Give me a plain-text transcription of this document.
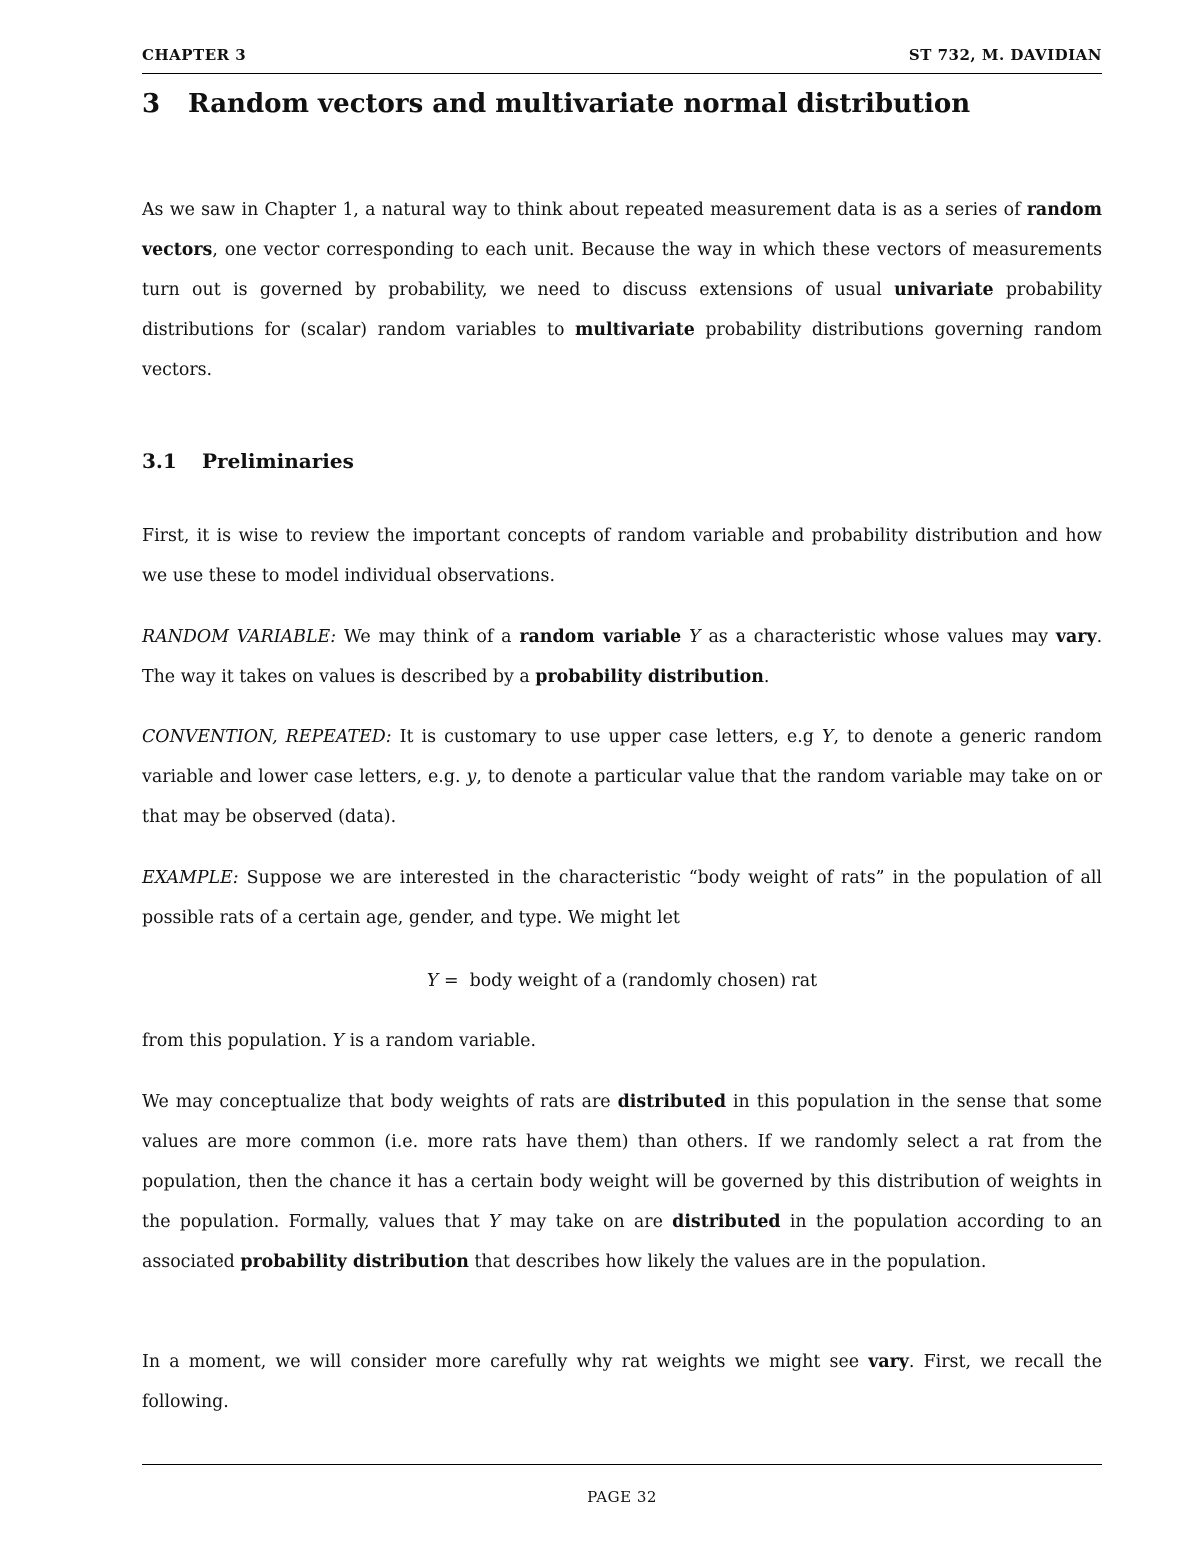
CHAPTER 3	ST 732, M. DAVIDIAN
3 Random vectors and multivariate normal distribution
As we saw in Chapter 1, a natural way to think about repeated measurement data is as a series of random vectors, one vector corresponding to each unit. Because the way in which these vectors of measurements turn out is governed by probability, we need to discuss extensions of usual univariate probability distributions for (scalar) random variables to multivariate probability distributions governing random vectors.
3.1 Preliminaries
First, it is wise to review the important concepts of random variable and probability distribution and how we use these to model individual observations.
RANDOM VARIABLE: We may think of a random variable Y as a characteristic whose values may vary. The way it takes on values is described by a probability distribution.
CONVENTION, REPEATED: It is customary to use upper case letters, e.g Y, to denote a generic random variable and lower case letters, e.g. y, to denote a particular value that the random variable may take on or that may be observed (data).
EXAMPLE: Suppose we are interested in the characteristic “body weight of rats” in the population of all possible rats of a certain age, gender, and type. We might let
Y = body weight of a (randomly chosen) rat
from this population. Y is a random variable.
We may conceptualize that body weights of rats are distributed in this population in the sense that some values are more common (i.e. more rats have them) than others. If we randomly select a rat from the population, then the chance it has a certain body weight will be governed by this distribution of weights in the population. Formally, values that Y may take on are distributed in the population according to an associated probability distribution that describes how likely the values are in the population.
In a moment, we will consider more carefully why rat weights we might see vary. First, we recall the following.
PAGE 32
